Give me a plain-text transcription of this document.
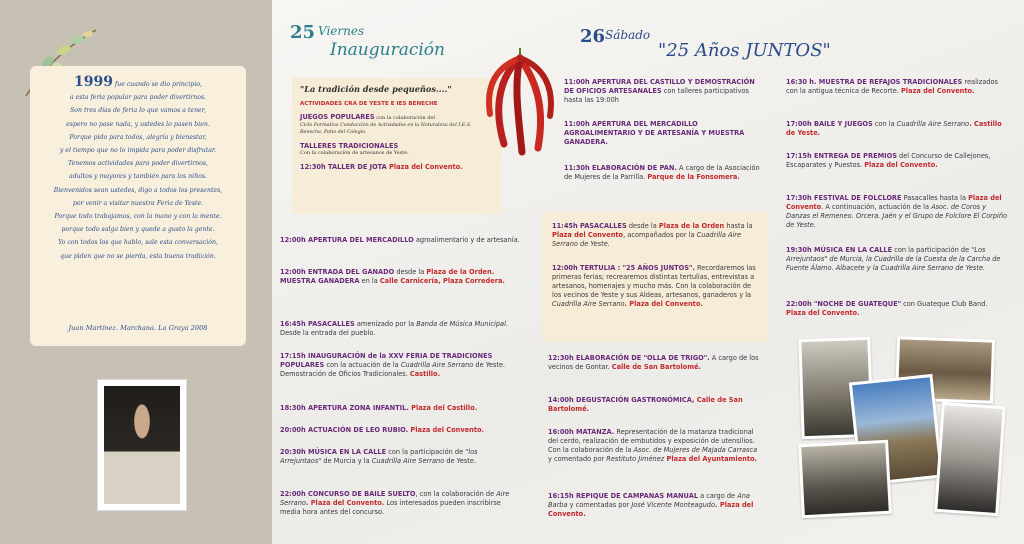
1999 fue cuando se dio principio,
a esta feria popular para poder divertirnos.
Son tres días de feria lo que vamos a tener,
espero no pase nada, y ustedes lo pasen bien.
Porque pido para todos, alegría y bienestar,
y el tiempo que no lo impida para poder disfrutar.
Tenemos actividades para poder divertirnos,
adultos y mayores y también para los niños.
Bienvenidos sean ustedes, digo a todos los presentes,
por venir a visitar nuestra Feria de Yeste.
Porque todo trabajamos, con la mano y con la mente.
porque todo salga bien y quede a gusto la gente.
Yo con todos los que hablo, sale esta conversación,
que piden que no se pierda, esta buena tradición.
Juan Martínez. Marchana. La Graya 2008
25 Viernes
Inauguración
26 Sábado
"25 Años JUNTOS"
"La tradición desde pequeños...."
ACTIVIDADES CRA DE YESTE E IES BENECHE
JUEGOS POPULARES con la colaboración del
Ciclo Formativo Conducción de Actividades en la Naturaleza del I.E.S. Beneche. Patio del Colegio.
TALLERES TRADICIONALES
Con la colaboración de artesanos de Yeste.
12:30h TALLER DE JOTA Plaza del Convento.
12:00h APERTURA DEL MERCADILLO agroalimentario y de artesanía.
12:00h ENTRADA DEL GANADO desde la Plaza de la Orden.
MUESTRA GANADERA en la Calle Carnicería, Plaza Corredera.
16:45h PASACALLES amenizado por la Banda de Música Municipal. Desde la entrada del pueblo.
17:15h INAUGURACIÓN de la XXV FERIA DE TRADICIONES POPULARES con la actuación de la Cuadrilla Aire Serrano de Yeste. Demostración de Oficios Tradicionales. Castillo.
18:30h APERTURA ZONA INFANTIL. Plaza del Castillo.
20:00h ACTUACIÓN DE LEO RUBIO. Plaza del Convento.
20:30h MÚSICA EN LA CALLE con la participación de "los Arrejuntaos" de Murcia y la Cuadrilla Aire Serrano de Yeste.
22:00h CONCURSO DE BAILE SUELTO, con la colaboración de Aire Serrano. Plaza del Convento. Los interesados pueden inscribirse media hora antes del concurso.
11:00h APERTURA DEL CASTILLO Y DEMOSTRACIÓN DE OFICIOS ARTESANALES con talleres participativos hasta las 19:00h
11:00h APERTURA DEL MERCADILLO AGROALIMENTARIO Y DE ARTESANÍA Y MUESTRA GANADERA.
11:30h ELABORACIÓN DE PAN. A cargo de la Asociación de Mujeres de la Parrilla. Parque de la Fonsomera.
11:45h PASACALLES desde la Plaza de la Orden hasta la Plaza del Convento, acompañados por la Cuadrilla Aire Serrano de Yeste.
12:00h TERTULIA : "25 AÑOS JUNTOS". Recordaremos las primeras ferias; recrearemos distintas tertulias, entrevistas a artesanos, homenajes y mucho más. Con la colaboración de los vecinos de Yeste y sus Aldeas, artesanos, ganaderos y la Cuadrilla Aire Serrano. Plaza del Convento.
12:30h ELABORACIÓN DE "OLLA DE TRIGO". A cargo de los vecinos de Gontar. Calle de San Bartolomé.
14:00h DEGUSTACIÓN GASTRONÓMICA, Calle de San Bartolomé.
16:00h MATANZA. Representación de la matanza tradicional del cerdo, realización de embutidos y exposición de utensilios. Con la colaboración de la Asoc. de Mujeres de Majada Carrasca y comentado por Restituto Jiménez Plaza del Ayuntamiento.
16:15h REPIQUE DE CAMPANAS MANUAL a cargo de Ana Barba y comentadas por José Vicente Monteagudo. Plaza del Convento.
16:30 h. MUESTRA DE REFAJOS TRADICIONALES realizados con la antigua técnica de Recorte. Plaza del Convento.
17:00h BAILE Y JUEGOS con la Cuadrilla Aire Serrano. Castillo de Yeste.
17:15h ENTREGA DE PREMIOS del Concurso de Callejones, Escaparates y Puestos. Plaza del Convento.
17:30h FESTIVAL DE FOLCLORE Pasacalles hasta la Plaza del Convento. A continuación, actuación de la Asoc. de Coros y Danzas el Remeneo. Orcera. Jaén y el Grupo de Folclore El Corpiño de Yeste.
19:30h MÚSICA EN LA CALLE con la participación de "Los Arrejuntaos" de Murcia, la Cuadrilla de la Cuesta de la Carcha de Fuente Álamo. Albacete y la Cuadrilla Aire Serrano de Yeste.
22:00h "NOCHE DE GUATEQUE" con Guateque Club Band. Plaza del Convento.
